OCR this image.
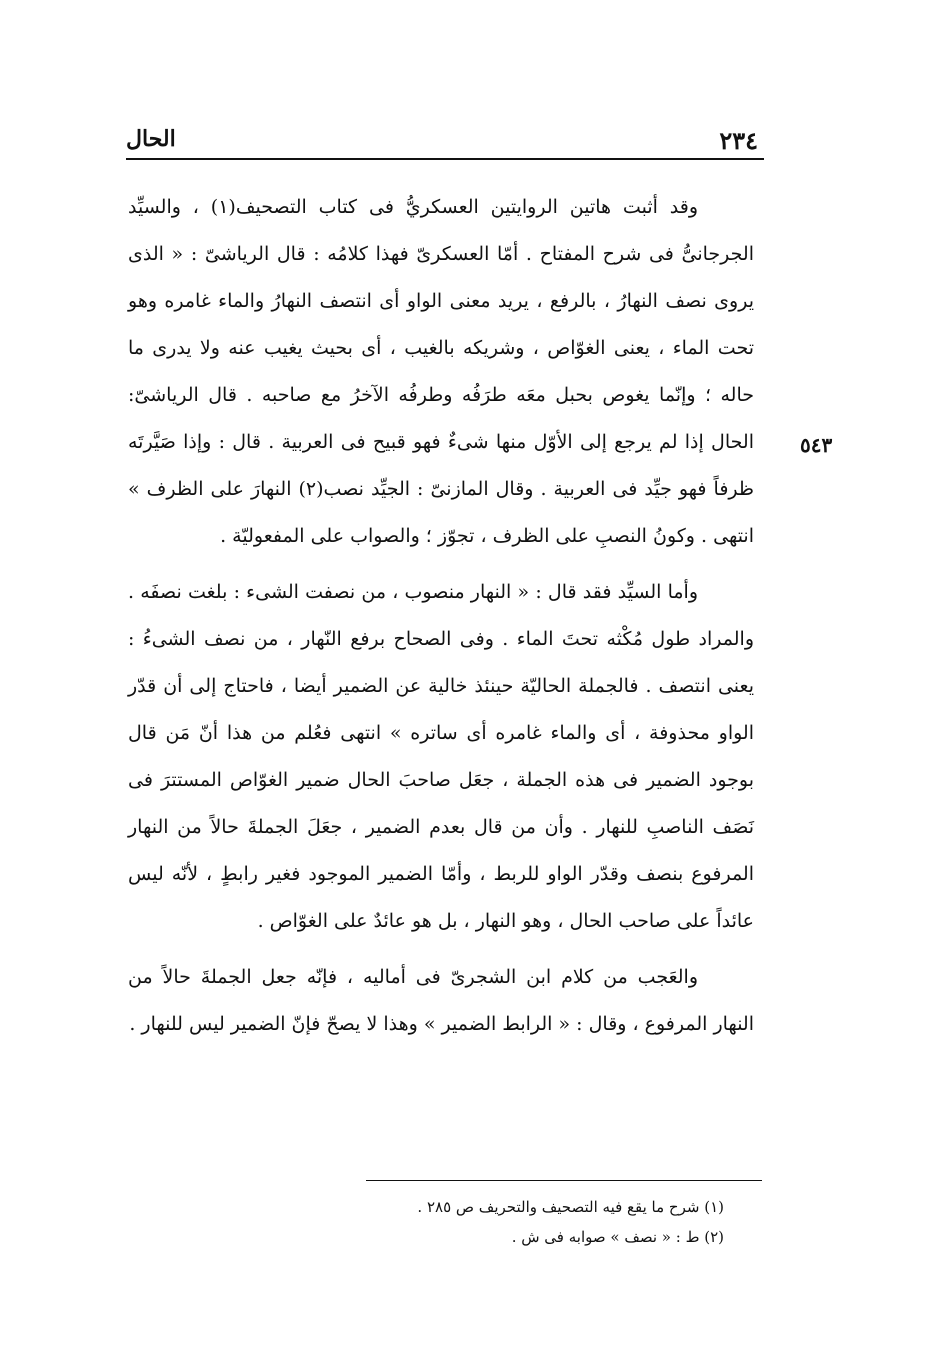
٢٣٤
الحال
٥٤٣

وقد أثبت هاتين الروايتين العسكريُّ فى كتاب التصحيف(١) ، والسيِّد الجرجانىُّ فى شرح المفتاح . أمّا العسكرىّ فهذا كلامُه : قال الرياشىّ : « الذى يروى نصف النهارُ ، بالرفع ، يريد معنى الواو أى انتصف النهارُ والماء غامره وهو تحت الماء ، يعنى الغوّاص ، وشريكه بالغيب ، أى بحيث يغيب عنه ولا يدرى ما حاله ؛ وإنّما يغوص بحبل معَه طرَفُه وطرفُه الآخرُ مع صاحبه . قال الرياشىّ: الحال إذا لم يرجع إلى الأوّل منها شىءٌ فهو قبيح فى العربية . قال : وإذا صَيَّرتَه ظرفاً فهو جيِّد فى العربية . وقال المازنىّ : الجيِّد نصب(٢) النهارَ على الظرف » انتهى . وكونُ النصبِ على الظرف ، تجوّز ؛ والصواب على المفعوليّة .

وأما السيِّد فقد قال : « النهار منصوب ، من نصفت الشىء : بلغت نصفَه . والمراد طول مُكْثه تحتَ الماء . وفى الصحاح برفع النّهار ، من نصف الشىءُ : يعنى انتصف . فالجملة الحاليّة حينئذ خالية عن الضمير أيضا ، فاحتاج إلى أن قدّر الواو محذوفة ، أى والماء غامره أى ساتره » انتهى فعُلم من هذا أنّ مَن قال بوجود الضمير فى هذه الجملة ، جعَل صاحبَ الحال ضمير الغوّاص المستترَ فى نَصَف الناصبِ للنهار . وأن من قال بعدم الضمير ، جعَلَ الجملةَ حالاً من النهار المرفوع بنصف وقدّر الواو للربط ، وأمّا الضمير الموجود فغير رابطٍ ، لأنّه ليس عائداً على صاحب الحال ، وهو النهار ، بل هو عائدٌ على الغوّاص .

والعَجب من كلام ابن الشجرىّ فى أماليه ، فإنّه جعل الجملةَ حالاً من النهار المرفوع ، وقال : « الرابط الضمير » وهذا لا يصحّ فإنّ الضمير ليس للنهار .

(١) شرح ما يقع فيه التصحيف والتحريف ص ٢٨٥ .

(٢) ط : « نصف » صوابه فى ش .
